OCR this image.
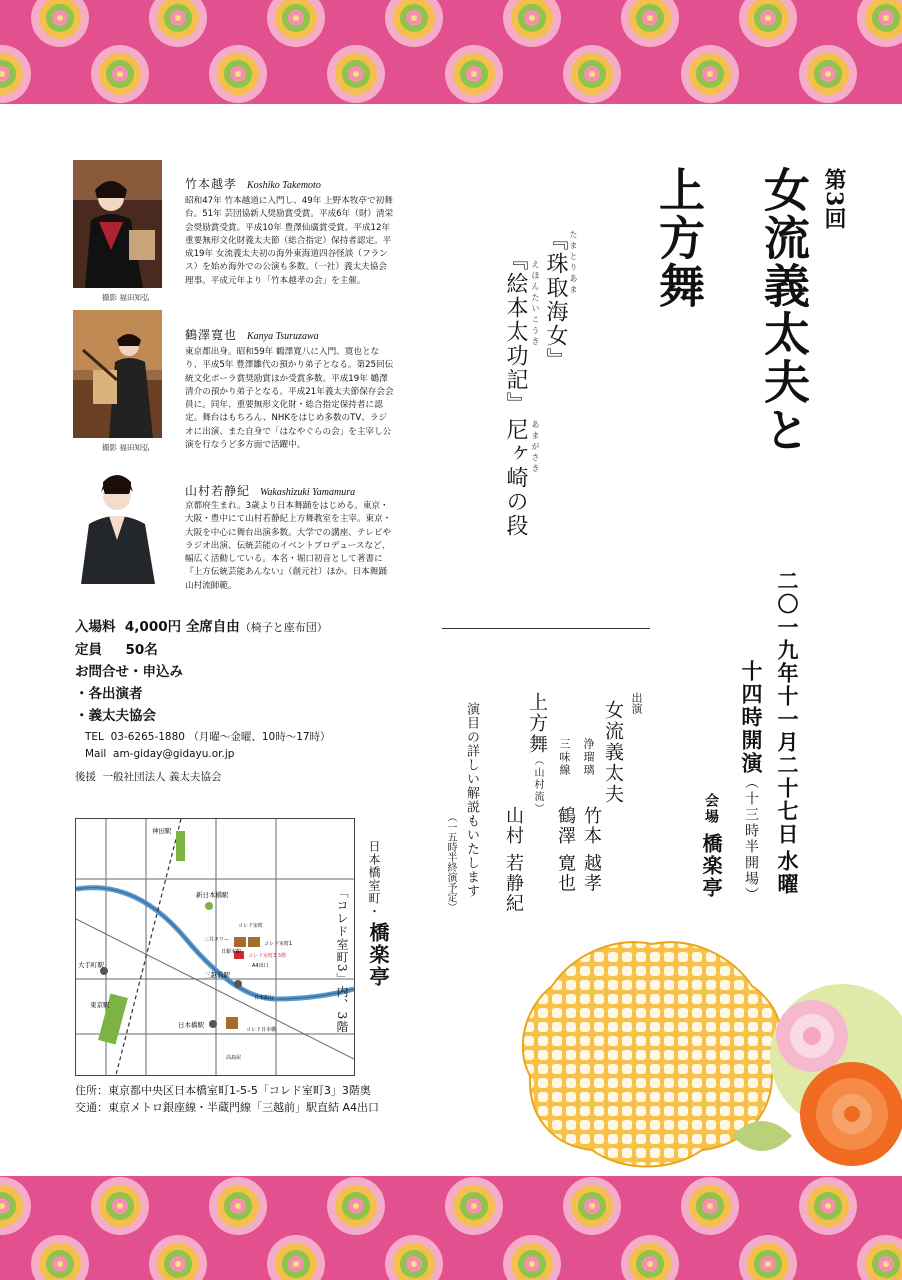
第3回
女流義太夫と
上方舞
たまとりあま
『珠取海女』
えほんたいこうき
『絵本太功記』
あまがさき
尼ヶ崎の段
二〇一九年十一月二十七日水曜
十四時開演（十三時半開場）
会場橋楽亭
出演
女流義太夫
浄瑠璃
竹本 越孝
三味線
鶴澤 寛也
上方舞（山村流）
山村 若静紀
演目の詳しい解説もいたします
（一五時半終演予定）
撮影 福田知弘
竹本越孝 Koshiko Takemoto
昭和47年 竹本越道に入門し、49年 上野本牧亭で初舞台。51年 芸団協新人奨励賞受賞。平成6年（財）清栄会奨励賞受賞。平成10年 豊澤仙廣賞受賞。平成12年 重要無形文化財義太夫節（総合指定）保持者認定。平成19年 女流義太夫初の海外東海道四谷怪談（フランス）を始め海外での公演も多数。（一社）義太夫協会理事。平成元年より「竹本越孝の会」を主催。
撮影 福田知弘
鶴澤寛也 Kanya Tsuruzawa
東京都出身。昭和59年 鶴澤寛八に入門、寛也となり、平成5年 豊澤雛代の預かり弟子となる。第25回伝統文化ポーラ賞奨励賞ほか受賞多数。平成19年 鶴澤清介の預かり弟子となる。平成21年義太夫節保存会会員に。同年、重要無形文化財・総合指定保持者に認定。舞台はもちろん、NHKをはじめ多数のTV、ラジオに出演、また自身で「はなやぐらの会」を主宰し公演を行なうど多方面で活躍中。
山村若静紀 Wakashizuki Yamamura
京都府生まれ。3歳より日本舞踊をはじめる。東京・大阪・豊中にて山村若静紀上方舞教室を主宰。東京・大阪を中心に舞台出演多数。大学での講座、テレビやラジオ出演、伝統芸能のイベントプロデュースなど、幅広く活動している。本名・堀口初音として著書に『上方伝統芸能あんない』（創元社）ほか。日本舞踊山村流師範。
入場料 4,000円 全席自由（椅子と座布団）
定員 50名
お問合せ・申込み
・各出演者
・義太夫協会
TEL 03-6265-1880 （月曜～金曜、10時～17時）
Mail am-giday@gidayu.or.jp
後援 一般社団法人 義太夫協会
神田駅
新日本橋駅
大手町駅
東京駅
三越前駅
日本橋駅
コレド室町
コレド室町1
三井タワー
A4出口
コレド室町3 3階
日本銀行
高島屋
コレド日本橋
日銀本館
日本橋室町・
橋楽亭
「コレド室町3」内、3階
住所：東京都中央区日本橋室町1-5-5「コレド室町3」3階奥
交通：東京メトロ銀座線・半蔵門線「三越前」駅直結 A4出口
